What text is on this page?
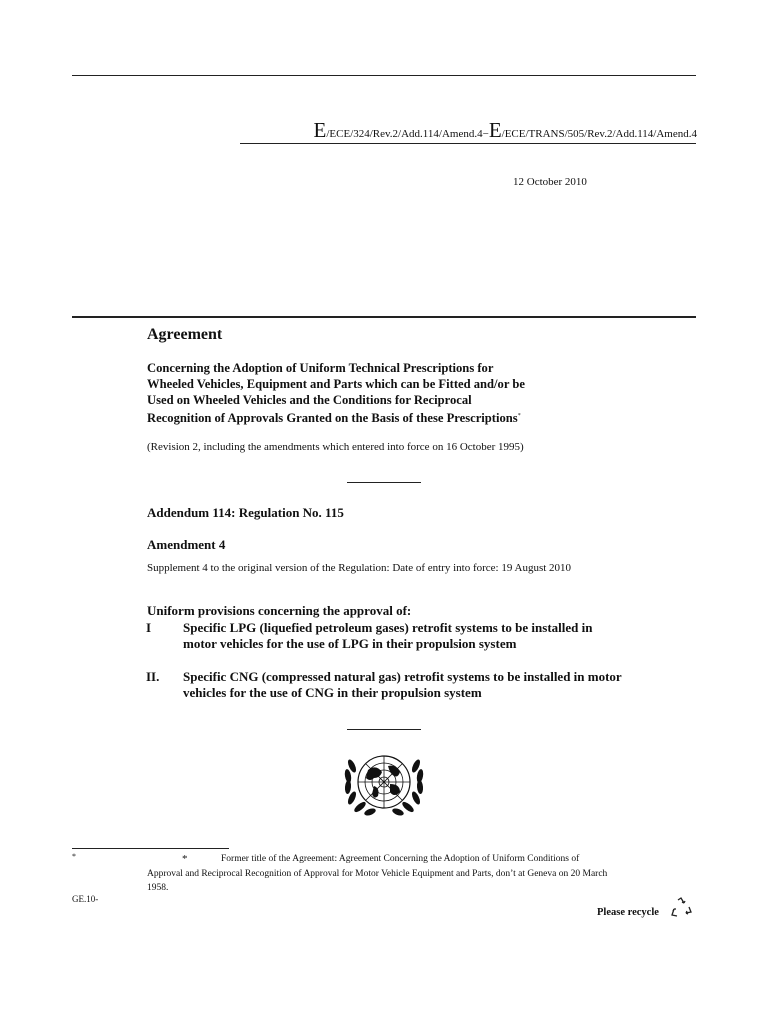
E/ECE/324/Rev.2/Add.114/Amend.4−E/ECE/TRANS/505/Rev.2/Add.114/Amend.4
12 October 2010
Agreement
Concerning the Adoption of Uniform Technical Prescriptions for
Wheeled Vehicles, Equipment and Parts which can be Fitted and/or be
Used on Wheeled Vehicles and the Conditions for Reciprocal
Recognition of Approvals Granted on the Basis of these Prescriptions*
(Revision 2, including the amendments which entered into force on 16 October 1995)
Addendum 114: Regulation No. 115
Amendment 4
Supplement 4 to the original version of the Regulation: Date of entry into force: 19 August 2010
Uniform provisions concerning the approval of:
I Specific LPG (liquefied petroleum gases) retrofit systems to be installed in motor vehicles for the use of LPG in their propulsion system
II. Specific CNG (compressed natural gas) retrofit systems to be installed in motor vehicles for the use of CNG in their propulsion system
*	*	Former title of the Agreement: Agreement Concerning the Adoption of Uniform Conditions of Approval and Reciprocal Recognition of Approval for Motor Vehicle Equipment and Parts, don’t at Geneva on 20 March 1958.
GE.10-
Please recycle
